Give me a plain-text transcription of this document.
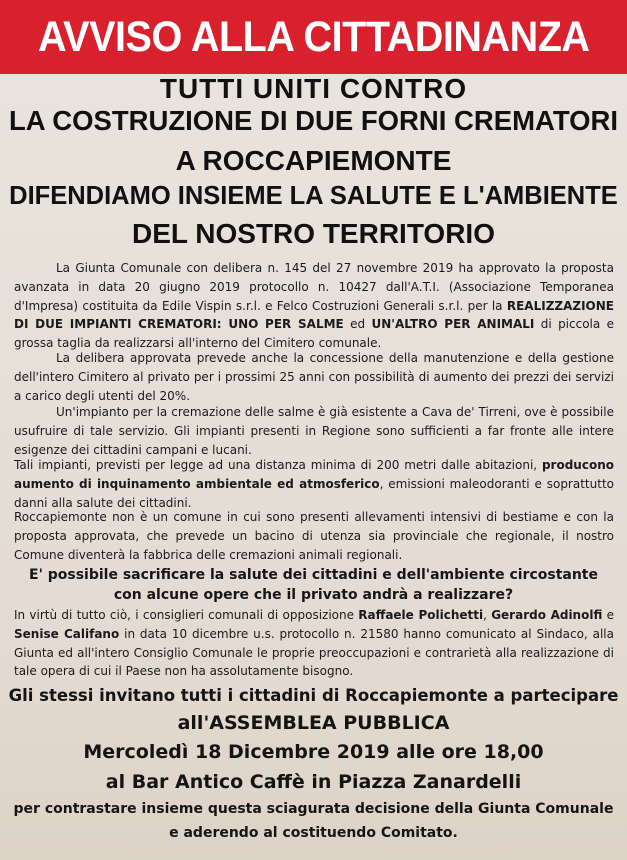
AVVISO ALLA CITTADINANZA
TUTTI UNITI CONTRO
LA COSTRUZIONE DI DUE FORNI CREMATORI
A ROCCAPIEMONTE
DIFENDIAMO INSIEME LA SALUTE E L'AMBIENTE
DEL NOSTRO TERRITORIO
La Giunta Comunale con delibera n. 145 del 27 novembre 2019 ha approvato la proposta avanzata in data 20 giugno 2019 protocollo n. 10427 dall'A.T.I. (Associazione Temporanea d'Impresa) costituita da Edile Vispin s.r.l. e Felco Costruzioni Generali s.r.l. per la REALIZZAZIONE DI DUE IMPIANTI CREMATORI: UNO PER SALME ed UN'ALTRO PER ANIMALI di piccola e grossa taglia da realizzarsi all'interno del Cimitero comunale.
La delibera approvata prevede anche la concessione della manutenzione e della gestione dell'intero Cimitero al privato per i prossimi 25 anni con possibilità di aumento dei prezzi dei servizi a carico degli utenti del 20%.
Un'impianto per la cremazione delle salme è già esistente a Cava de' Tirreni, ove è possibile usufruire di tale servizio. Gli impianti presenti in Regione sono sufficienti a far fronte alle intere esigenze dei cittadini campani e lucani.
Tali impianti, previsti per legge ad una distanza minima di 200 metri dalle abitazioni, producono aumento di inquinamento ambientale ed atmosferico, emissioni maleodoranti e soprattutto danni alla salute dei cittadini.
Roccapiemonte non è un comune in cui sono presenti allevamenti intensivi di bestiame e con la proposta approvata, che prevede un bacino di utenza sia provinciale che regionale, il nostro Comune diventerà la fabbrica delle cremazioni animali regionali.
E' possibile sacrificare la salute dei cittadini e dell'ambiente circostante
con alcune opere che il privato andrà a realizzare?
In virtù di tutto ciò, i consiglieri comunali di opposizione Raffaele Polichetti, Gerardo Adinolfi e Senise Califano in data 10 dicembre u.s. protocollo n. 21580 hanno comunicato al Sindaco, alla Giunta ed all'intero Consiglio Comunale le proprie preoccupazioni e contrarietà alla realizzazione di tale opera di cui il Paese non ha assolutamente bisogno.
Gli stessi invitano tutti i cittadini di Roccapiemonte a partecipare
all'ASSEMBLEA PUBBLICA
Mercoledì 18 Dicembre 2019 alle ore 18,00
al Bar Antico Caffè in Piazza Zanardelli
per contrastare insieme questa sciagurata decisione della Giunta Comunale
e aderendo al costituendo Comitato.
